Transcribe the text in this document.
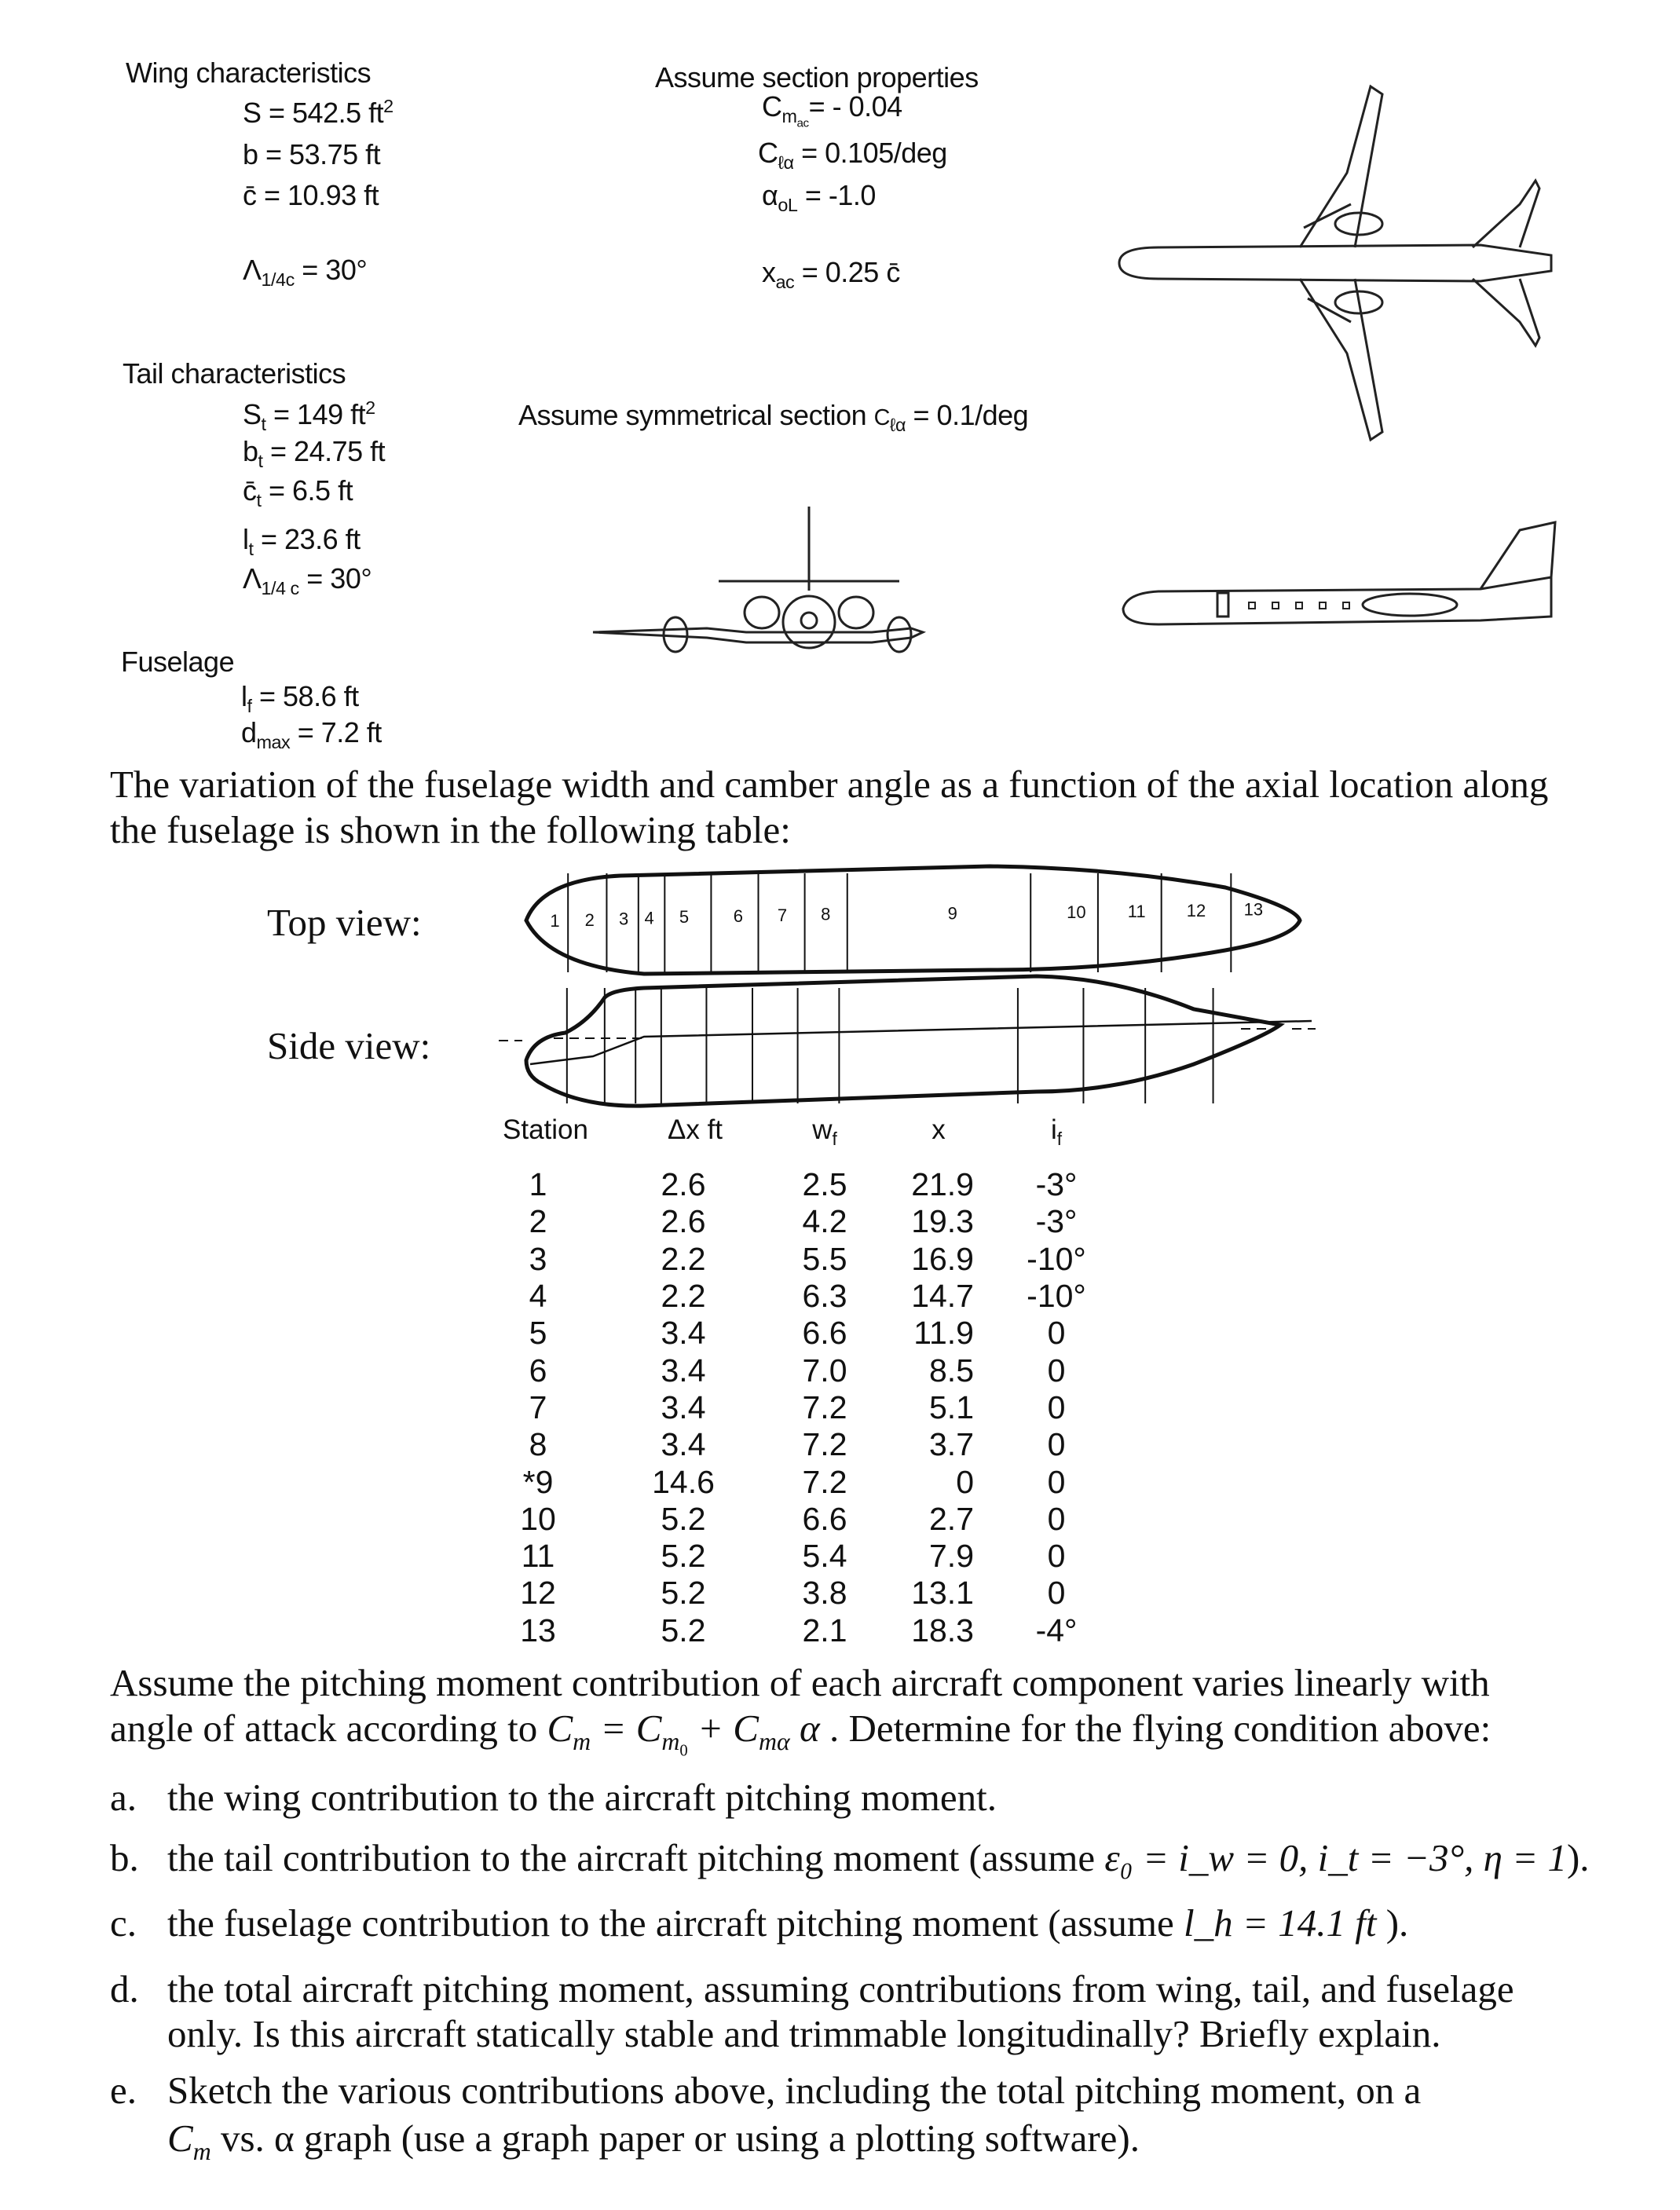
Wing characteristics
S = 542.5 $ft^2$
b = 53.75 ft
c̄ = 10.93 ft
$\Lambda_{1/4c} = 30^\circ$
Assume section properties
$C_{m_{ac}}= - 0.04$
$C_{\ell\alpha} = 0.105/deg$
$\alpha_{oL} = -1.0$
$x_{ac} = 0.25$ c̄
Tail characteristics
$S_t = 149$ $ft^2$
$b_t = 24.75$ ft
$c̄_t = 6.5$ ft
$l_t = 23.6$ ft
$\Lambda_{1/4 c} = 30^\circ$
Assume symmetrical section $C_{\ell\alpha} = 0.1/deg$
Fuselage
$l_f = 58.6$ ft
$d_{max} = 7.2$ ft
The variation of the fuselage width and camber angle as a function of the axial location along
the fuselage is shown in the following table:
Top view:
Side view:
1 2 3 4 5	6 7 8	9	10 11 12 13
Station	Δx ft	$w_f$	x	$i_f$
1	2.6	2.5	21.9	-3°
2	2.6	4.2	19.3	-3°
3	2.2	5.5	16.9	-10°
4	2.2	6.3	14.7	-10°
5	3.4	6.6	11.9	0
6	3.4	7.0	8.5	0
7	3.4	7.2	5.1	0
8	3.4	7.2	3.7	0
*9	14.6	7.2	0	0
10	5.2	6.6	2.7	0
11	5.2	5.4	7.9	0
12	5.2	3.8	13.1	0
13	5.2	2.1	18.3	-4°
Assume the pitching moment contribution of each aircraft component varies linearly with
angle of attack according to $C_m = C_{m_0} + C_{m\alpha}$ α . Determine for the flying condition above:
a. the wing contribution to the aircraft pitching moment.
b. the tail contribution to the aircraft pitching moment (assume ε₀ = i_w = 0, i_t = −3°, η = 1).
c. the fuselage contribution to the aircraft pitching moment (assume l_h = 14.1 ft ).
d. the total aircraft pitching moment, assuming contributions from wing, tail, and fuselage
only. Is this aircraft statically stable and trimmable longitudinally? Briefly explain.
e. Sketch the various contributions above, including the total pitching moment, on a
$C_m$ vs. α graph (use a graph paper or using a plotting software).
